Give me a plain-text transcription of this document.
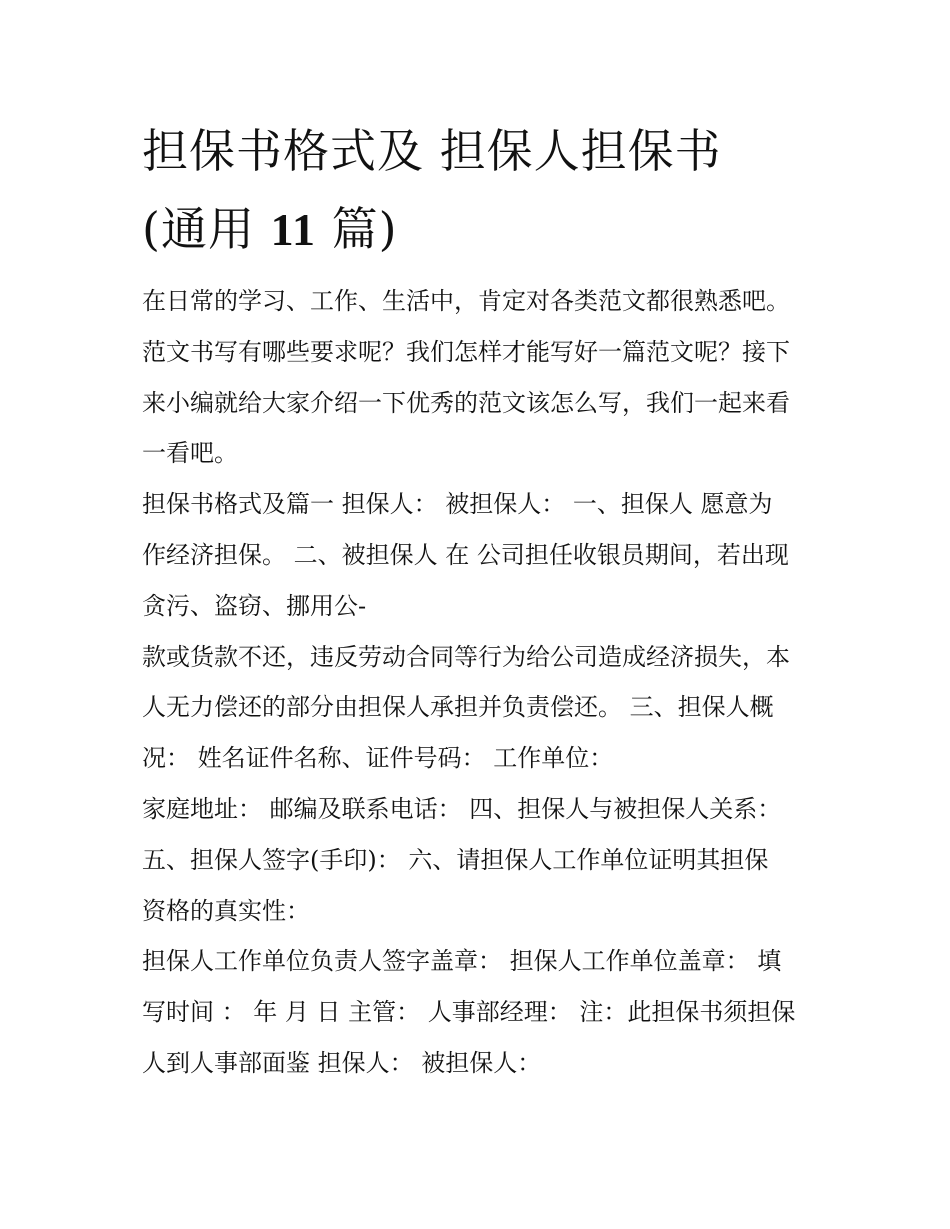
担保书格式及 担保人担保书
(通用 11 篇)

在日常的学习、工作、生活中，肯定对各类范文都很熟悉吧。
范文书写有哪些要求呢？我们怎样才能写好一篇范文呢？接下
来小编就给大家介绍一下优秀的范文该怎么写，我们一起来看
一看吧。

担保书格式及篇一 担保人： 被担保人： 一、担保人 愿意为
作经济担保。 二、被担保人 在 公司担任收银员期间，若出现
贪污、盗窃、挪用公-

款或货款不还，违反劳动合同等行为给公司造成经济损失，本
人无力偿还的部分由担保人承担并负责偿还。 三、担保人概
况： 姓名证件名称、证件号码： 工作单位：

家庭地址： 邮编及联系电话： 四、担保人与被担保人关系：
五、担保人签字(手印)： 六、请担保人工作单位证明其担保
资格的真实性：

担保人工作单位负责人签字盖章： 担保人工作单位盖章： 填
写时间 ： 年 月 日 主管： 人事部经理： 注：此担保书须担保
人到人事部面鉴 担保人： 被担保人：
